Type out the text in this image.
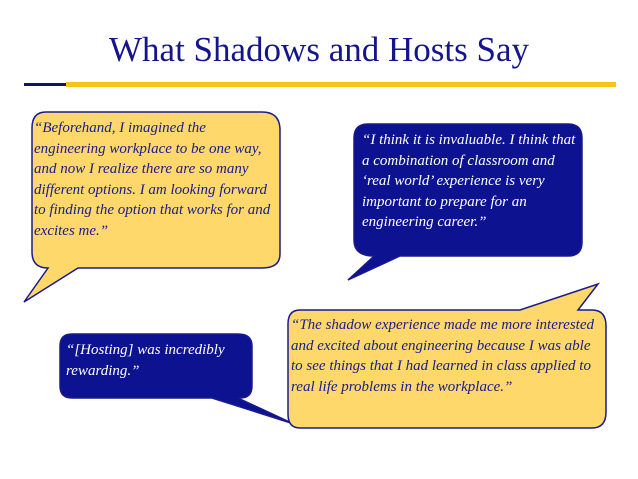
What Shadows and Hosts Say

“Beforehand, I imagined the engineering workplace to be one way, and now I realize there are so many different options. I am looking forward to finding the option that works for and excites me.”

“I think it is invaluable. I think that a combination of classroom and ‘real world’ experience is very important to prepare for an engineering career.”

“[Hosting] was incredibly rewarding.”

“The shadow experience made me more interested and excited about engineering because I was able to see things that I had learned in class applied to real life problems in the workplace.”
